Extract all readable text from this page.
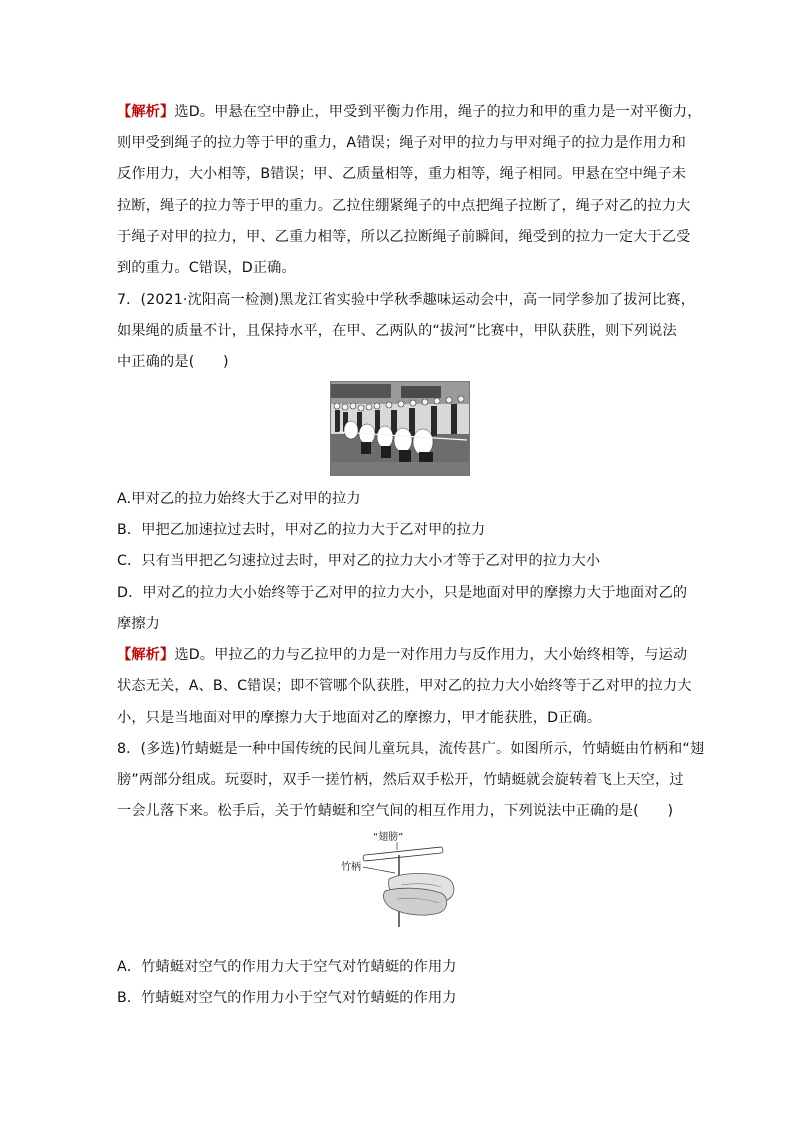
【解析】选D。甲悬在空中静止，甲受到平衡力作用，绳子的拉力和甲的重力是一对平衡力，
则甲受到绳子的拉力等于甲的重力，A错误；绳子对甲的拉力与甲对绳子的拉力是作用力和
反作用力，大小相等，B错误；甲、乙质量相等，重力相等，绳子相同。甲悬在空中绳子未
拉断，绳子的拉力等于甲的重力。乙拉住绷紧绳子的中点把绳子拉断了，绳子对乙的拉力大
于绳子对甲的拉力，甲、乙重力相等，所以乙拉断绳子前瞬间，绳受到的拉力一定大于乙受
到的重力。C错误，D正确。
7．(2021·沈阳高一检测)黑龙江省实验中学秋季趣味运动会中，高一同学参加了拔河比赛，
如果绳的质量不计，且保持水平，在甲、乙两队的“拔河”比赛中，甲队获胜，则下列说法
中正确的是(　　)
A.甲对乙的拉力始终大于乙对甲的拉力
B．甲把乙加速拉过去时，甲对乙的拉力大于乙对甲的拉力
C．只有当甲把乙匀速拉过去时，甲对乙的拉力大小才等于乙对甲的拉力大小
D．甲对乙的拉力大小始终等于乙对甲的拉力大小，只是地面对甲的摩擦力大于地面对乙的
摩擦力
【解析】选D。甲拉乙的力与乙拉甲的力是一对作用力与反作用力，大小始终相等，与运动
状态无关，A、B、C错误；即不管哪个队获胜，甲对乙的拉力大小始终等于乙对甲的拉力大
小，只是当地面对甲的摩擦力大于地面对乙的摩擦力，甲才能获胜，D正确。
8．(多选)竹蜻蜓是一种中国传统的民间儿童玩具，流传甚广。如图所示，竹蜻蜓由竹柄和“翅
膀”两部分组成。玩耍时，双手一搓竹柄，然后双手松开，竹蜻蜓就会旋转着飞上天空，过
一会儿落下来。松手后，关于竹蜻蜓和空气间的相互作用力，下列说法中正确的是(　　)
“翅膀”
竹柄
A．竹蜻蜓对空气的作用力大于空气对竹蜻蜓的作用力
B．竹蜻蜓对空气的作用力小于空气对竹蜻蜓的作用力
